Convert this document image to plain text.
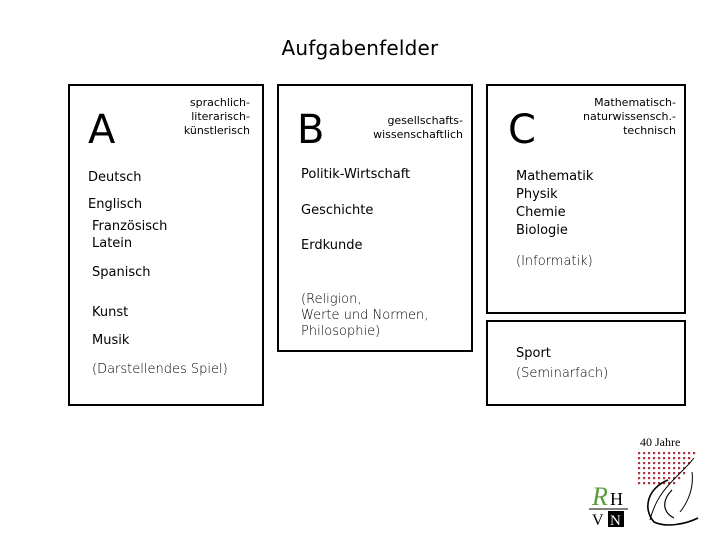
Aufgabenfelder
A
sprachlich-
literarisch-
künstlerisch
Deutsch
Englisch
Französisch
Latein
Spanisch
Kunst
Musik
(Darstellendes Spiel)
B	gesellschafts-
wissenschaftlich
Politik-Wirtschaft
Geschichte
Erdkunde
(Religion,
Werte und Normen,
Philosophie)
C
Mathematisch-
naturwissensch.-
technisch
Mathematik
Physik
Chemie
Biologie
(Informatik)
Sport
(Seminarfach)
R H
V N
40 Jahre
